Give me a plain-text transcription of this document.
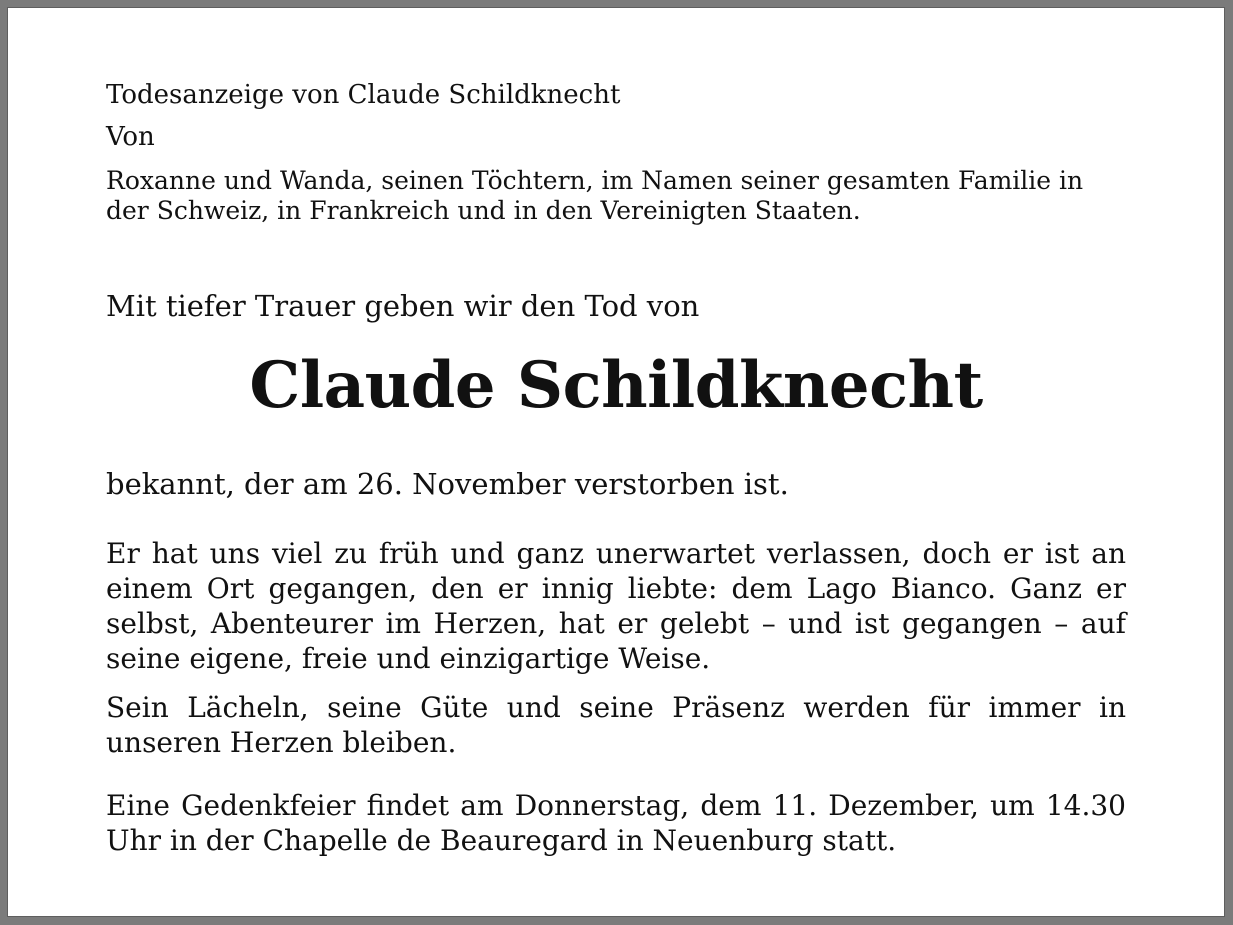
Todesanzeige von Claude Schildknecht

Von

Roxanne und Wanda, seinen Töchtern, im Namen seiner gesamten Familie in der Schweiz, in Frankreich und in den Vereinigten Staaten.

Mit tiefer Trauer geben wir den Tod von
Claude Schildknecht
bekannt, der am 26. November verstorben ist.

Er hat uns viel zu früh und ganz unerwartet verlassen, doch er ist an einem Ort gegangen, den er innig liebte: dem Lago Bianco. Ganz er selbst, Abenteurer im Herzen, hat er gelebt – und ist gegangen – auf seine eigene, freie und einzigartige Weise.

Sein Lächeln, seine Güte und seine Präsenz werden für immer in unseren Herzen bleiben.

Eine Gedenkfeier findet am Donnerstag, dem 11. Dezember, um 14.30 Uhr in der Chapelle de Beauregard in Neuenburg statt.
